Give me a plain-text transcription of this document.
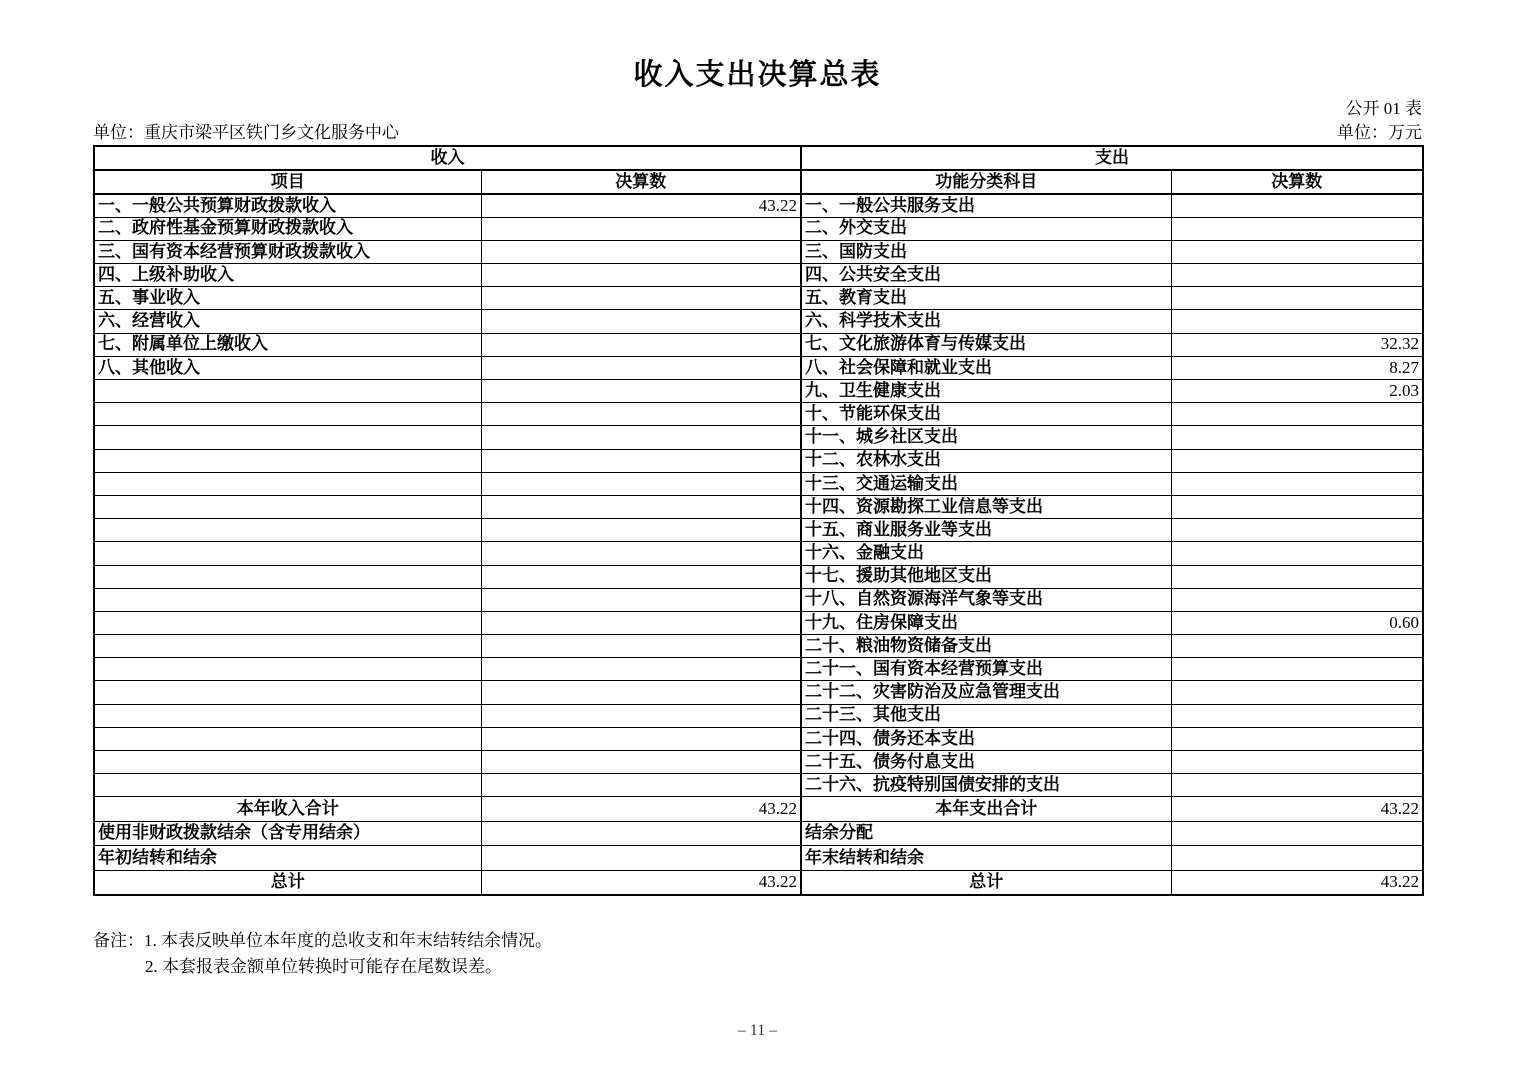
收入支出决算总表
公开 01 表
单位：重庆市梁平区铁门乡文化服务中心	单位：万元
收入		支出	
项目	决算数	功能分类科目	决算数
一、一般公共预算财政拨款收入	43.22	一、一般公共服务支出	
二、政府性基金预算财政拨款收入		二、外交支出	
三、国有资本经营预算财政拨款收入		三、国防支出	
四、上级补助收入		四、公共安全支出	
五、事业收入		五、教育支出	
六、经营收入		六、科学技术支出	
七、附属单位上缴收入		七、文化旅游体育与传媒支出	32.32
八、其他收入		八、社会保障和就业支出	8.27
		九、卫生健康支出	2.03
		十、节能环保支出	
		十一、城乡社区支出	
		十二、农林水支出	
		十三、交通运输支出	
		十四、资源勘探工业信息等支出	
		十五、商业服务业等支出	
		十六、金融支出	
		十七、援助其他地区支出	
		十八、自然资源海洋气象等支出	
		十九、住房保障支出	0.60
		二十、粮油物资储备支出	
		二十一、国有资本经营预算支出	
		二十二、灾害防治及应急管理支出	
		二十三、其他支出	
		二十四、债务还本支出	
		二十五、债务付息支出	
		二十六、抗疫特别国债安排的支出	
本年收入合计	43.22	本年支出合计	43.22
使用非财政拨款结余（含专用结余）		结余分配	
年初结转和结余		年末结转和结余	
总计	43.22	总计	43.22
备注：1. 本表反映单位本年度的总收支和年末结转结余情况。
2. 本套报表金额单位转换时可能存在尾数误差。
– 11 –
